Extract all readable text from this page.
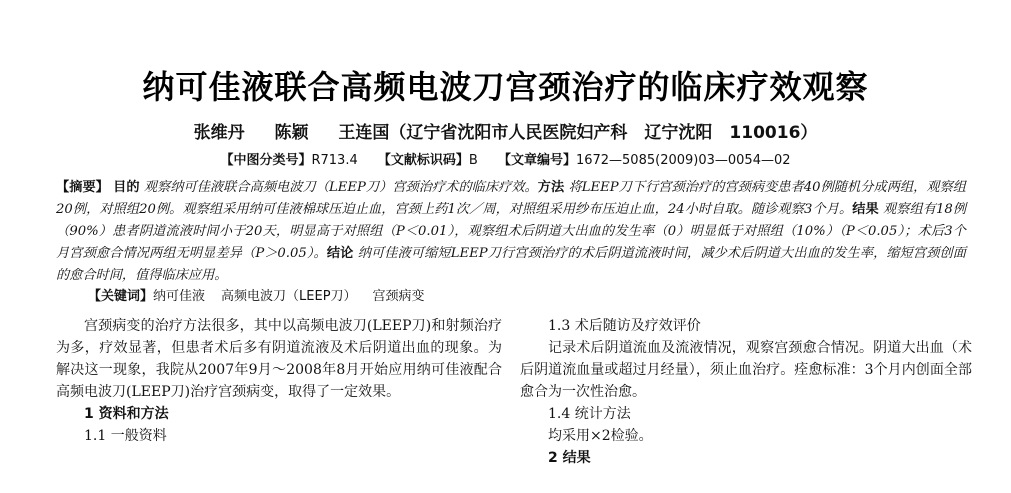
纳可佳液联合高频电波刀宫颈治疗的临床疗效观察
张维丹 陈颖 王连国（辽宁省沈阳市人民医院妇产科　辽宁沈阳　110016）
【中图分类号】R713.4 【文献标识码】B 【文章编号】1672—5085(2009)03—0054—02
【摘要】 目的 观察纳可佳液联合高频电波刀（LEEP刀）宫颈治疗术的临床疗效。方法 将LEEP刀下行宫颈治疗的宫颈病变患者40例随机分成两组，观察组20例，对照组20例。观察组采用纳可佳液棉球压迫止血，宫颈上药1次／周，对照组采用纱布压迫止血，24小时自取。随诊观察3个月。结果 观察组有18例（90%）患者阴道流液时间小于20天，明显高于对照组（P＜0.01），观察组术后阴道大出血的发生率（0）明显低于对照组（10%）（P＜0.05）；术后3个月宫颈愈合情况两组无明显差异（P＞0.05）。结论 纳可佳液可缩短LEEP刀行宫颈治疗的术后阴道流液时间，减少术后阴道大出血的发生率，缩短宫颈创面的愈合时间，值得临床应用。
【关键词】纳可佳液 高频电波刀（LEEP刀） 宫颈病变

宫颈病变的治疗方法很多，其中以高频电波刀(LEEP刀)和射频治疗为多，疗效显著，但患者术后多有阴道流液及术后阴道出血的现象。为解决这一现象，我院从2007年9月～2008年8月开始应用纳可佳液配合高频电波刀(LEEP刀)治疗宫颈病变，取得了一定效果。

1 资料和方法
1.1 一般资料
1.3 术后随访及疗效评价

记录术后阴道流血及流液情况，观察宫颈愈合情况。阴道大出血（术后阴道流血量或超过月经量），须止血治疗。痊愈标准：3个月内创面全部愈合为一次性治愈。

1.4 统计方法

均采用×2检验。

2 结果
